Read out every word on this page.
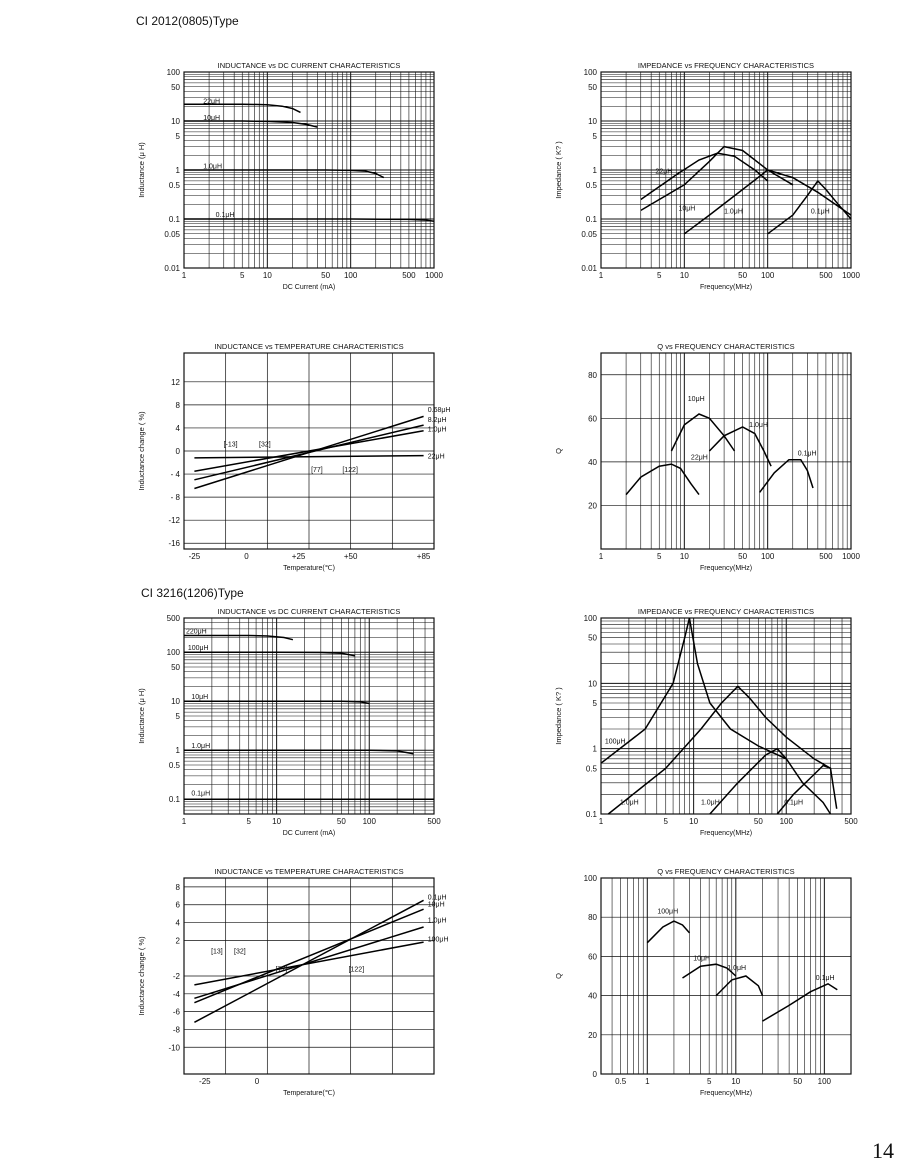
CI 2012(0805)Type
CI 3216(1206)Type
14
INDUCTANCE vs DC CURRENT CHARACTERISTICS
1	5 10	50 100	500 1000
0.01
0.05
0.1
0.5
1
5
10
50
100
DC Current (mA)
Inductance (μ H)
22μH
10μH
1.0μH
0.1μH
IMPEDANCE vs FREQUENCY CHARACTERISTICS
1	5 10	50 100	500 1000
0.01
0.05
0.1
0.5
1
5
10
50
100
Frequency(MHz)
Impedance ( K? )	22μH
10μH	1.0μH	0.1μH
INDUCTANCE vs TEMPERATURE CHARACTERISTICS
-25	0	+25	+50	+85
-16
-12
- 8
- 4
0
4
8
12
Temperature(℃)
Inductance change ( %)
0.68μH
8.2μH
1.0μH
22μH
[-13]	[32]
[77]	[122]
Q vs FREQUENCY CHARACTERISTICS
1	5 10	50 100	500 1000
20
40
60
80
Frequency(MHz)
Q
10μH
1.0μH
22μH
0.1μH
INDUCTANCE vs DC CURRENT CHARACTERISTICS
1	5	10	50 100	500
0.1
0.5
1
5
10
50
100
500
DC Current (mA)
Inductance (μ H)
220μH
100μH
10μH
1.0μH
0.1μH
IMPEDANCE vs FREQUENCY CHARACTERISTICS
1	5	10	50 100	500
0.1
0.5
1
5
10
50
100
Frequency(MHz)
Impedance ( K? )	100μH
1.0μH	1.0μH	0.1μH
INDUCTANCE vs TEMPERATURE CHARACTERISTICS
-25	0
-10
-8
-6
-4
-2
2
4
6
8
Temperature(℃)
Inductance change ( %)
0.1μH
10μH
1.0μH
100μH
[13] [32]
[77]	[122]
Q vs FREQUENCY CHARACTERISTICS
0.5 1	5 10	50 100
0
20
40
60
80
100
Frequency(MHz)
Q
100μH
10μH
1.0μH
0.1μH
